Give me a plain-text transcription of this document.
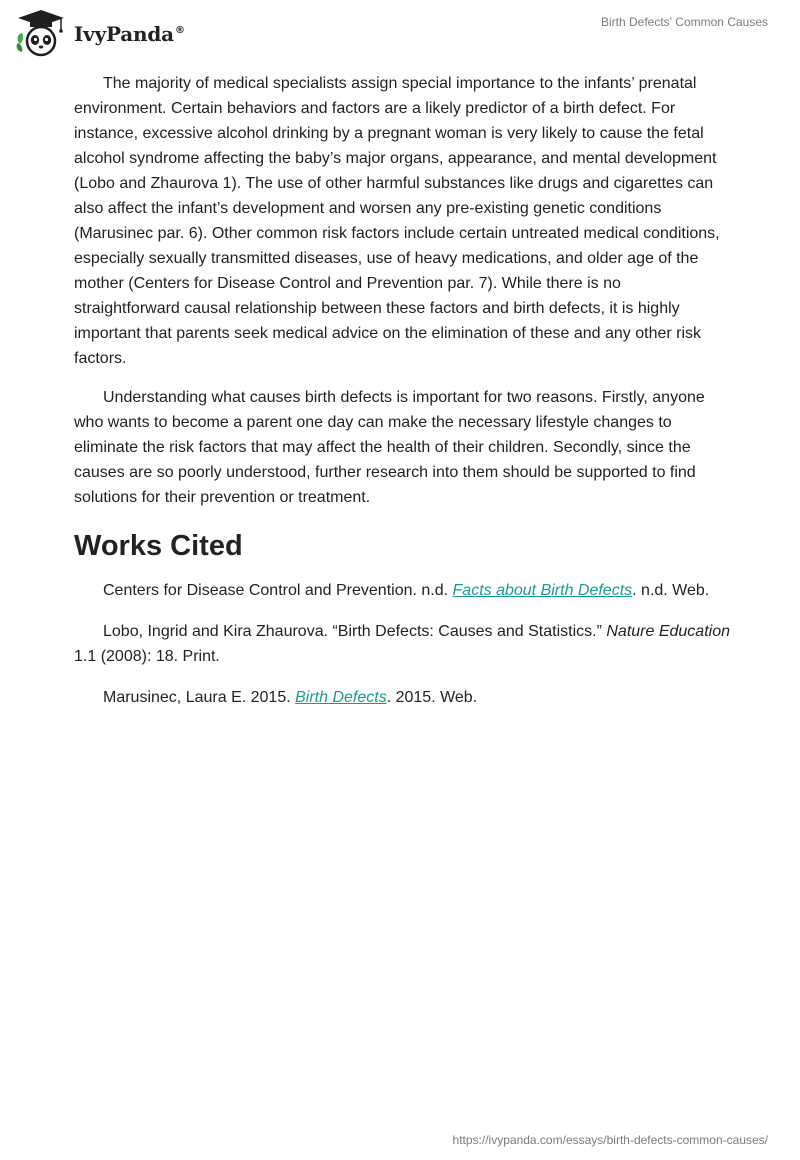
IvyPanda®
Birth Defects' Common Causes

The majority of medical specialists assign special importance to the infants’ prenatal environment. Certain behaviors and factors are a likely predictor of a birth defect. For instance, excessive alcohol drinking by a pregnant woman is very likely to cause the fetal alcohol syndrome affecting the baby’s major organs, appearance, and mental development (Lobo and Zhaurova 1). The use of other harmful substances like drugs and cigarettes can also affect the infant’s development and worsen any pre-existing genetic conditions (Marusinec par. 6). Other common risk factors include certain untreated medical conditions, especially sexually transmitted diseases, use of heavy medications, and older age of the mother (Centers for Disease Control and Prevention par. 7). While there is no straightforward causal relationship between these factors and birth defects, it is highly important that parents seek medical advice on the elimination of these and any other risk factors.

Understanding what causes birth defects is important for two reasons. Firstly, anyone who wants to become a parent one day can make the necessary lifestyle changes to eliminate the risk factors that may affect the health of their children. Secondly, since the causes are so poorly understood, further research into them should be supported to find solutions for their prevention or treatment.

Works Cited

Centers for Disease Control and Prevention. n.d. Facts about Birth Defects. n.d. Web.

Lobo, Ingrid and Kira Zhaurova. “Birth Defects: Causes and Statistics.” Nature Education 1.1 (2008): 18. Print.

Marusinec, Laura E. 2015. Birth Defects. 2015. Web.

https://ivypanda.com/essays/birth-defects-common-causes/
